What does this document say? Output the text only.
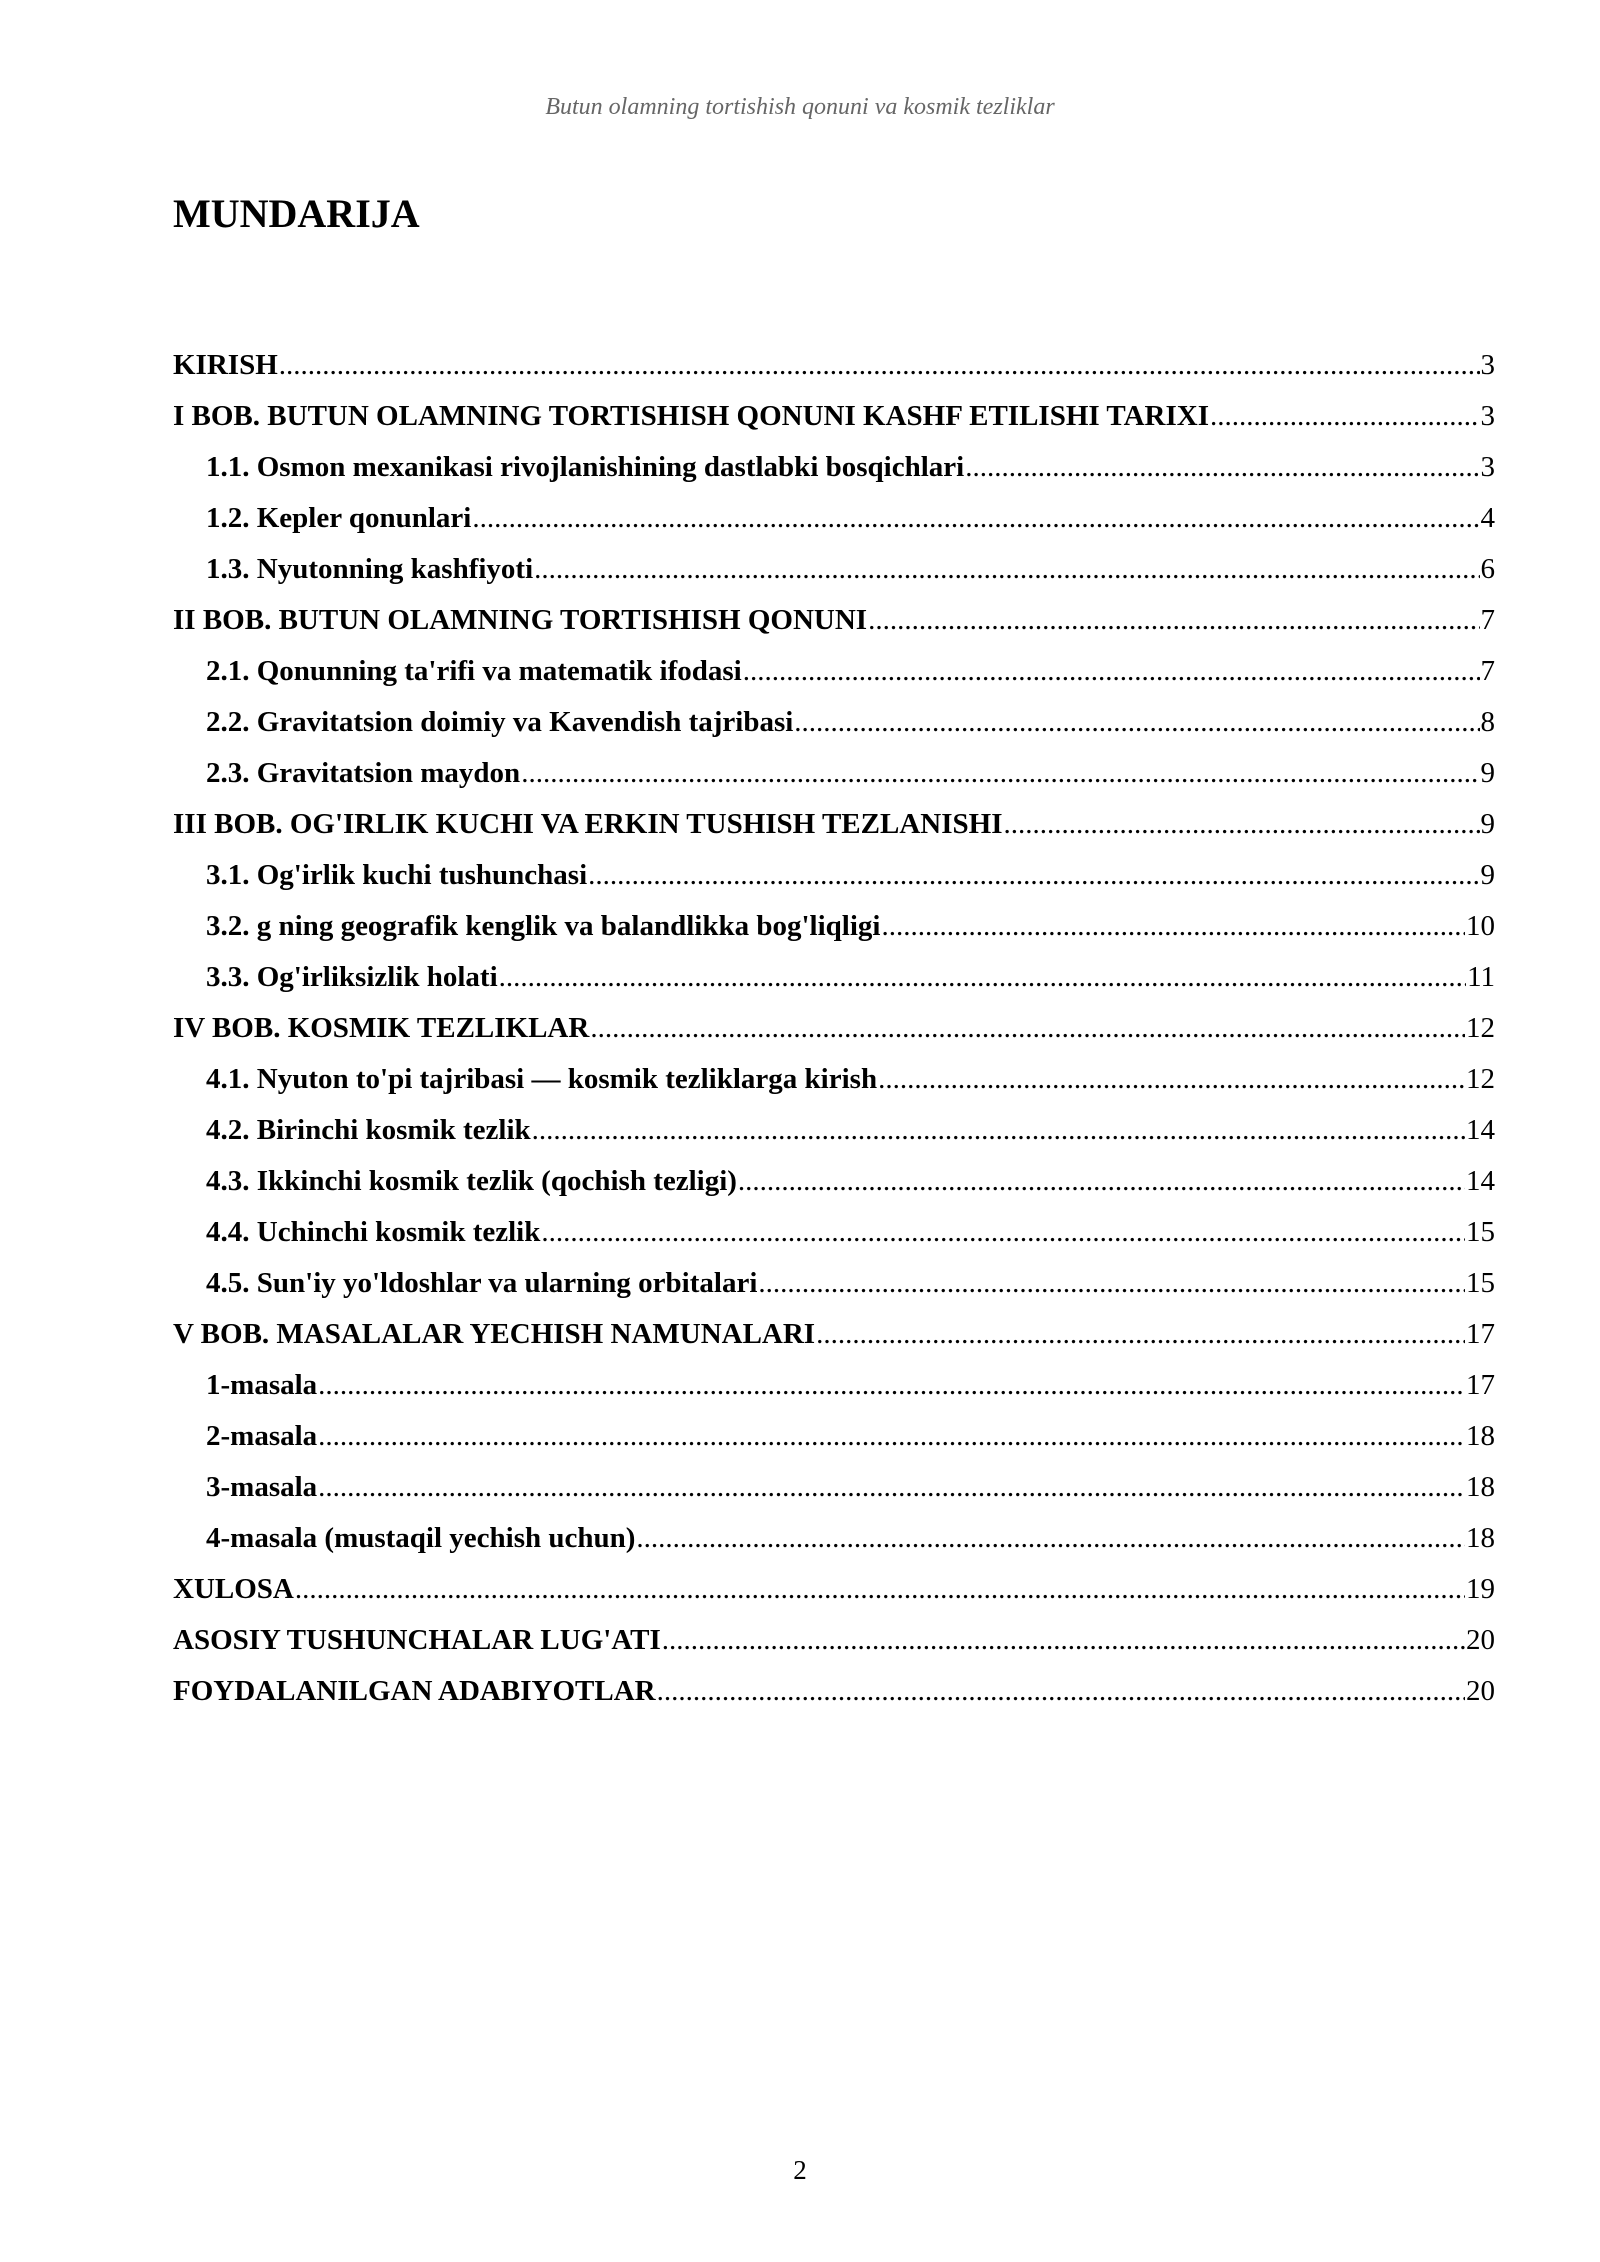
Butun olamning tortishish qonuni va kosmik tezliklar
MUNDARIJA
KIRISH .....	3
I BOB. BUTUN OLAMNING TORTISHISH QONUNI KASHF ETILISHI TARIXI .....	3
1.1. Osmon mexanikasi rivojlanishining dastlabki bosqichlari .....	3
1.2. Kepler qonunlari .....	4
1.3. Nyutonning kashfiyoti .....	6
II BOB. BUTUN OLAMNING TORTISHISH QONUNI .....	7
2.1. Qonunning ta'rifi va matematik ifodasi .....	7
2.2. Gravitatsion doimiy va Kavendish tajribasi .....	8
2.3. Gravitatsion maydon .....	9
III BOB. OG'IRLIK KUCHI VA ERKIN TUSHISH TEZLANISHI .....	9
3.1. Og'irlik kuchi tushunchasi .....	9
3.2. g ning geografik kenglik va balandlikka bog'liqligi .....	10
3.3. Og'irliksizlik holati .....	11
IV BOB. KOSMIK TEZLIKLAR .....	12
4.1. Nyuton to'pi tajribasi — kosmik tezliklarga kirish .....	12
4.2. Birinchi kosmik tezlik .....	14
4.3. Ikkinchi kosmik tezlik (qochish tezligi) .....	14
4.4. Uchinchi kosmik tezlik .....	15
4.5. Sun'iy yo'ldoshlar va ularning orbitalari .....	15
V BOB. MASALALAR YECHISH NAMUNALARI .....	17
1-masala .....	17
2-masala .....	18
3-masala .....	18
4-masala (mustaqil yechish uchun) .....	18
XULOSA .....	19
ASOSIY TUSHUNCHALAR LUG'ATI .....	20
FOYDALANILGAN ADABIYOTLAR .....	20
2
